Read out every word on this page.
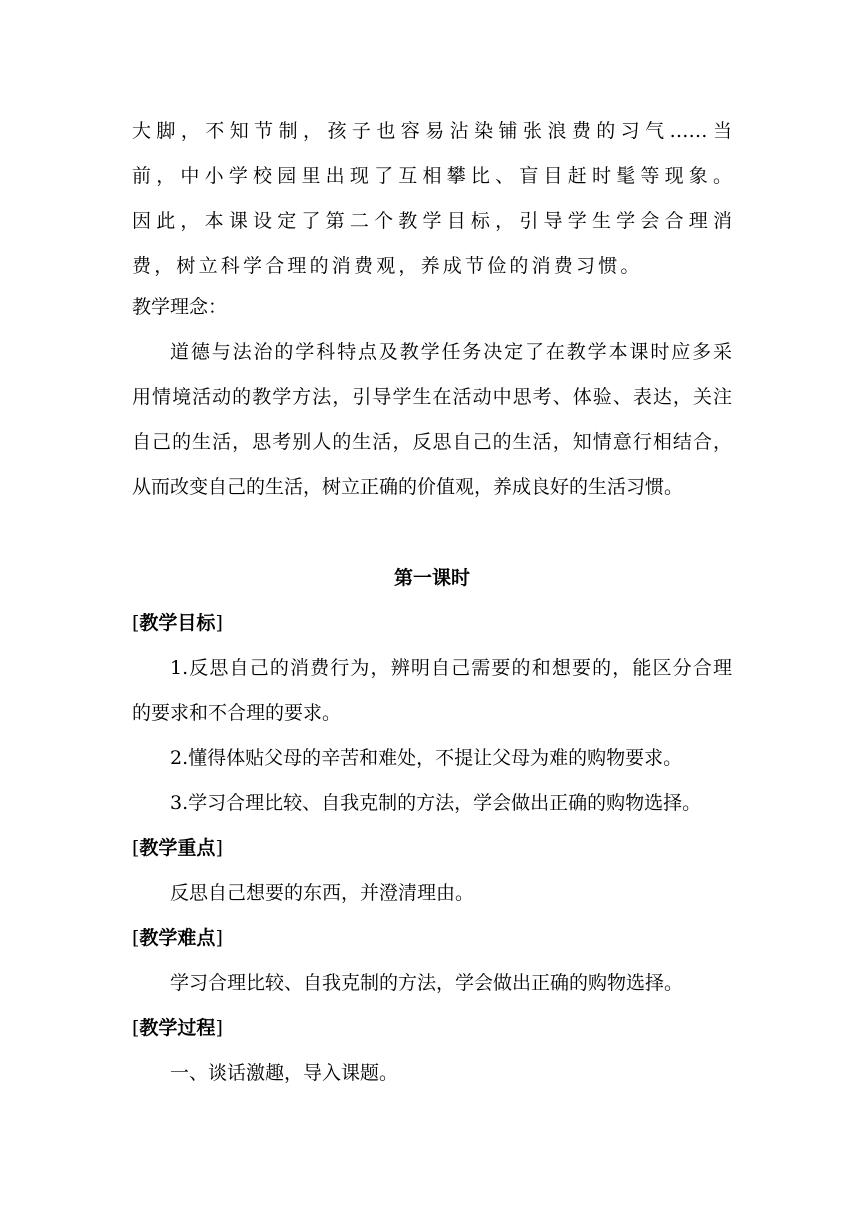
大脚，不知节制，孩子也容易沾染铺张浪费的习气……当
前，中小学校园里出现了互相攀比、盲目赶时髦等现象。
因此，本课设定了第二个教学目标，引导学生学会合理消
费，树立科学合理的消费观，养成节俭的消费习惯。
教学理念：
道德与法治的学科特点及教学任务决定了在教学本课时应多采
用情境活动的教学方法，引导学生在活动中思考、体验、表达，关注
自己的生活，思考别人的生活，反思自己的生活，知情意行相结合，
从而改变自己的生活，树立正确的价值观，养成良好的生活习惯。
第一课时
[教学目标]
1.反思自己的消费行为，辨明自己需要的和想要的，能区分合理
的要求和不合理的要求。
2.懂得体贴父母的辛苦和难处，不提让父母为难的购物要求。
3.学习合理比较、自我克制的方法，学会做出正确的购物选择。
[教学重点]
反思自己想要的东西，并澄清理由。
[教学难点]
学习合理比较、自我克制的方法，学会做出正确的购物选择。
[教学过程]
一、谈话激趣，导入课题。
